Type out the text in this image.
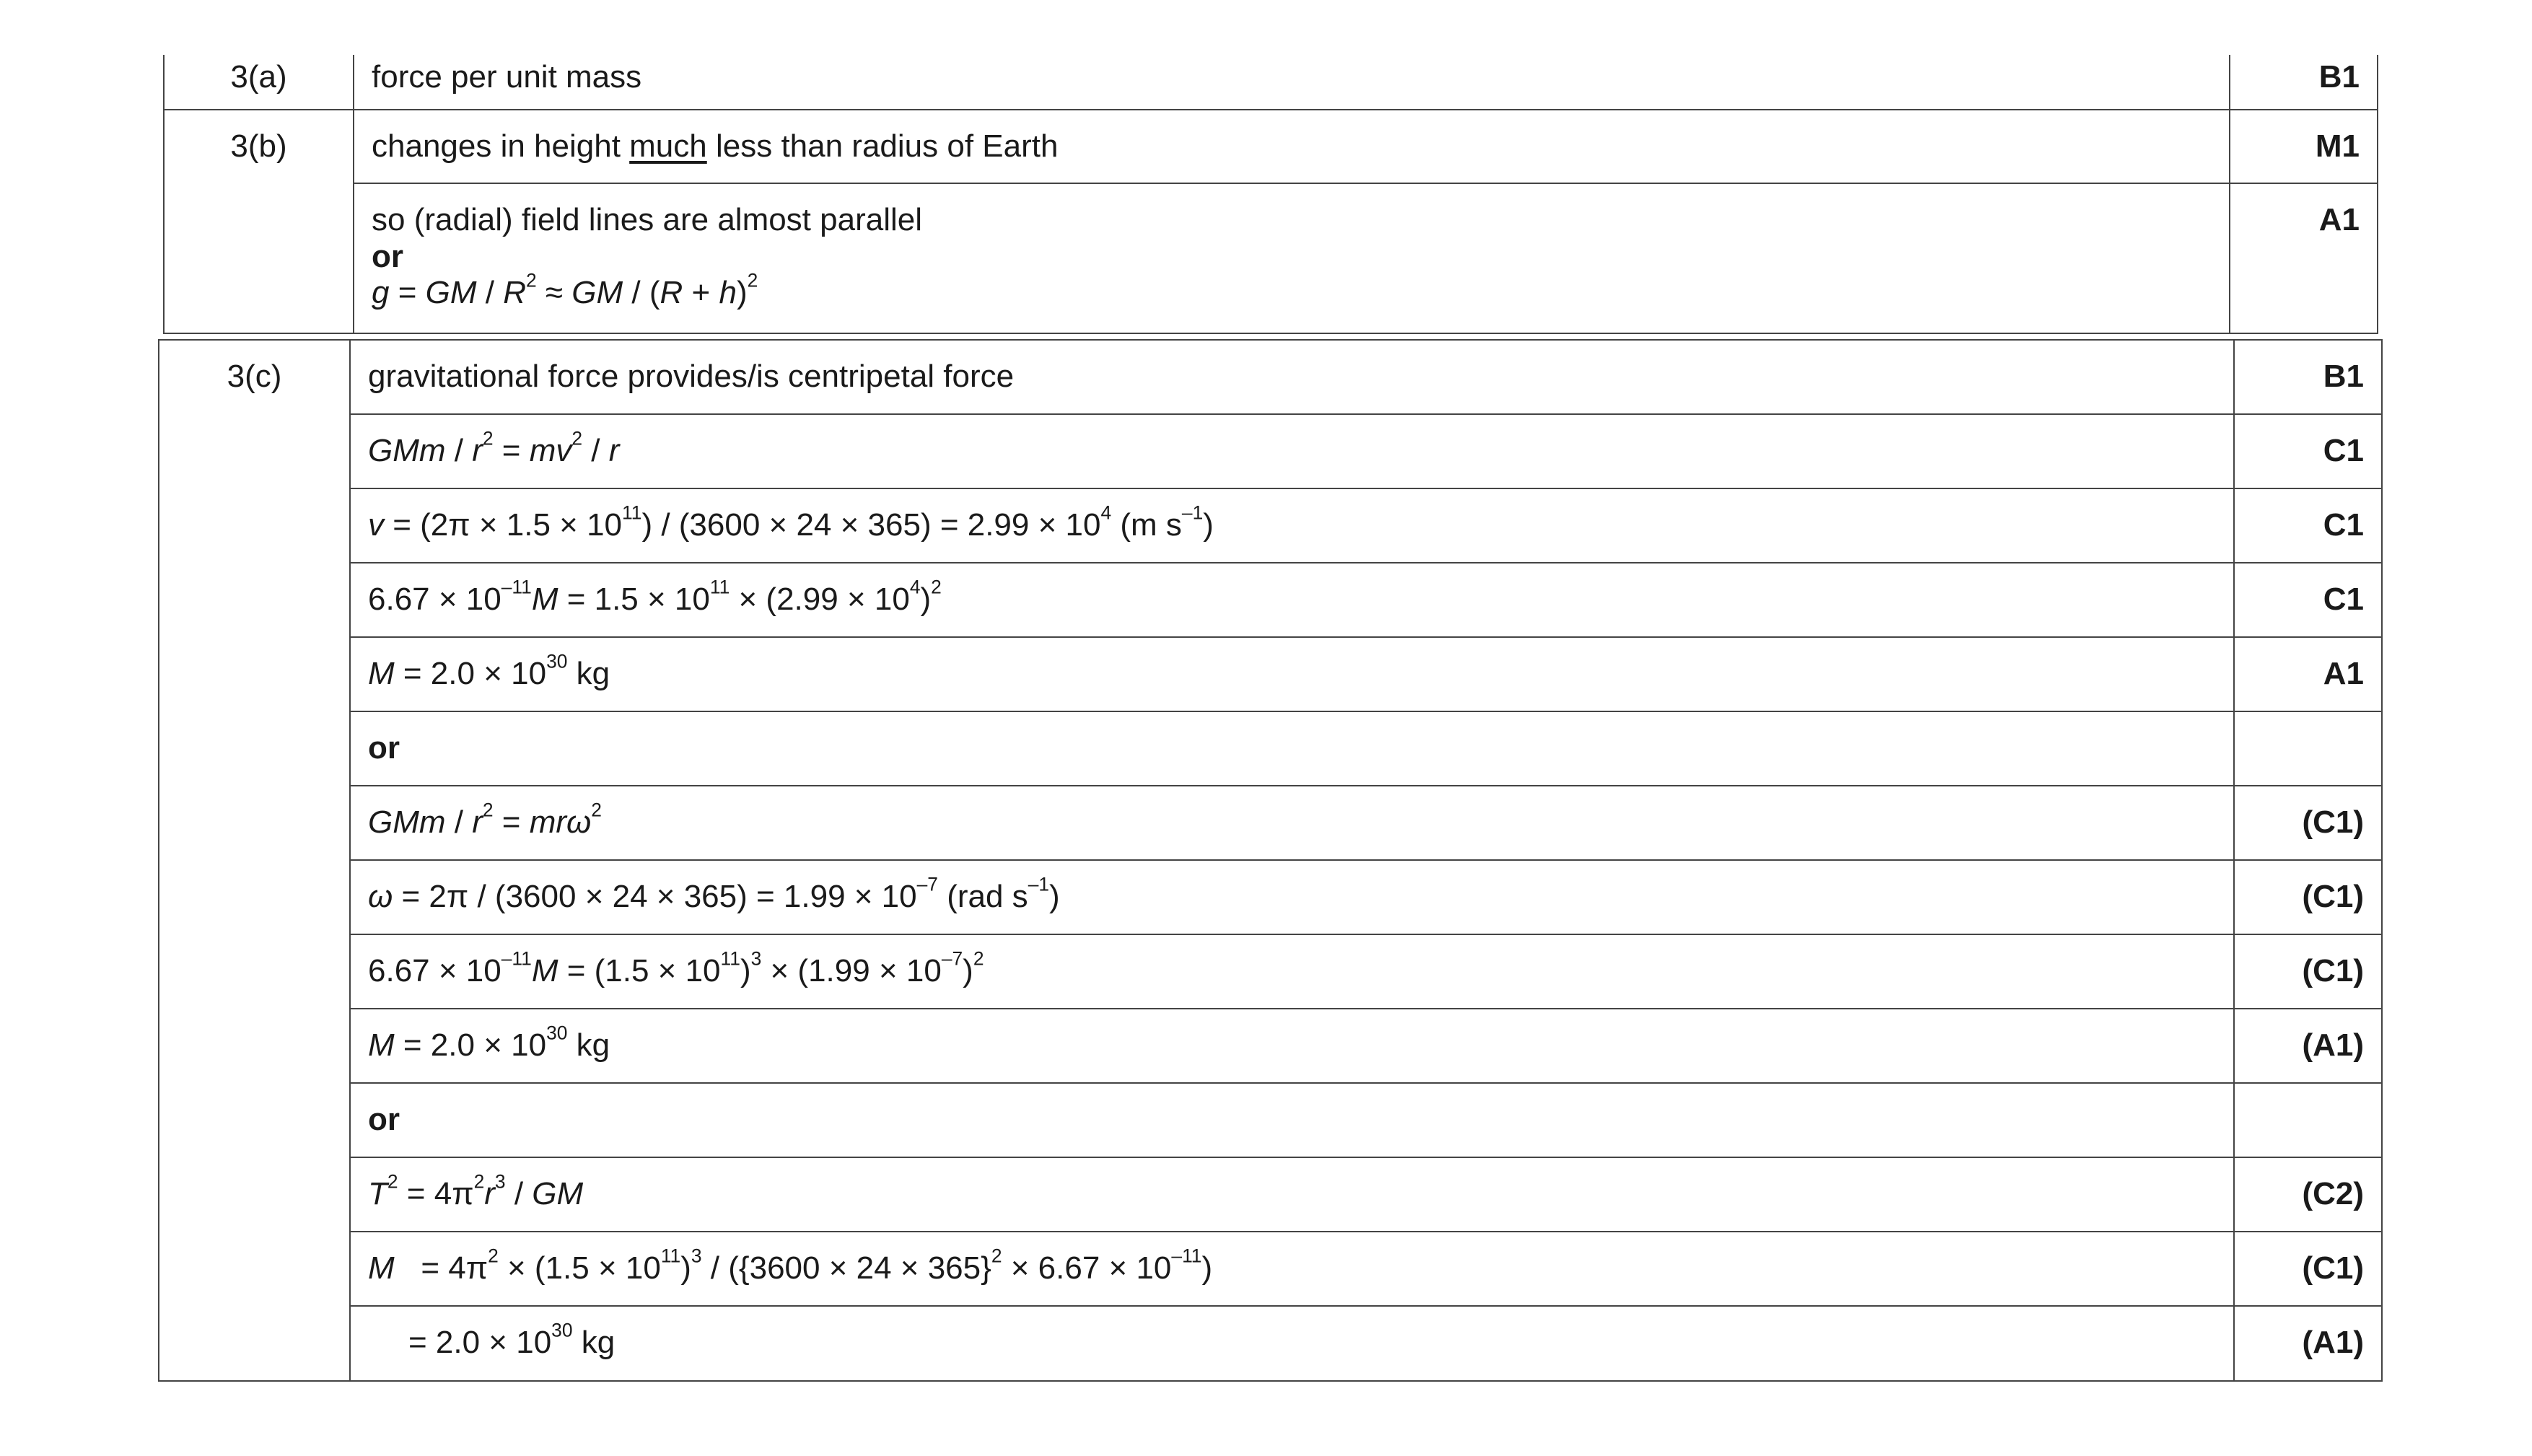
3(a)	force per unit mass	B1
3(b)	changes in height much less than radius of Earth	M1

	so (radial) field lines are almost parallel
or
g = GM / $R^2$ ≈ GM / $(R + h)^2$	A1
3(c)	gravitational force provides/is centripetal force	B1
	GMm / $r^2 = mv^2 / r$	C1
	$v = (2\pi \times 1.5 \times 10^{11}) / (3600 \times 24 \times 365) = 2.99 \times 10^4$ (m $s^{-1}$)	C1
	$6.67 \times 10^{-11}M = 1.5 \times 10^{11} \times (2.99 \times 10^4)^2$	C1
	$M = 2.0 \times 10^{30}$ kg	A1
	or	
	GMm / $r^2 = mr\omega^2$	(C1)
	$\omega = 2\pi / (3600 \times 24 \times 365) = 1.99 \times 10^{-7}$ (rad $s^{-1}$)	(C1)
	$6.67 \times 10^{-11}M = (1.5 \times 10^{11})^3 \times (1.99 \times 10^{-7})^2$	(C1)
	$M = 2.0 \times 10^{30}$ kg	(A1)
	or	
	$T^2 = 4\pi^2r^3$ / GM	(C2)
	$M = 4\pi^2 \times (1.5 \times 10^{11})^3 / (\{3600 \times 24 \times 365\}^2 \times 6.67 \times 10^{-11})$	(C1)
	= $2.0 \times 10^{30}$ kg	(A1)
